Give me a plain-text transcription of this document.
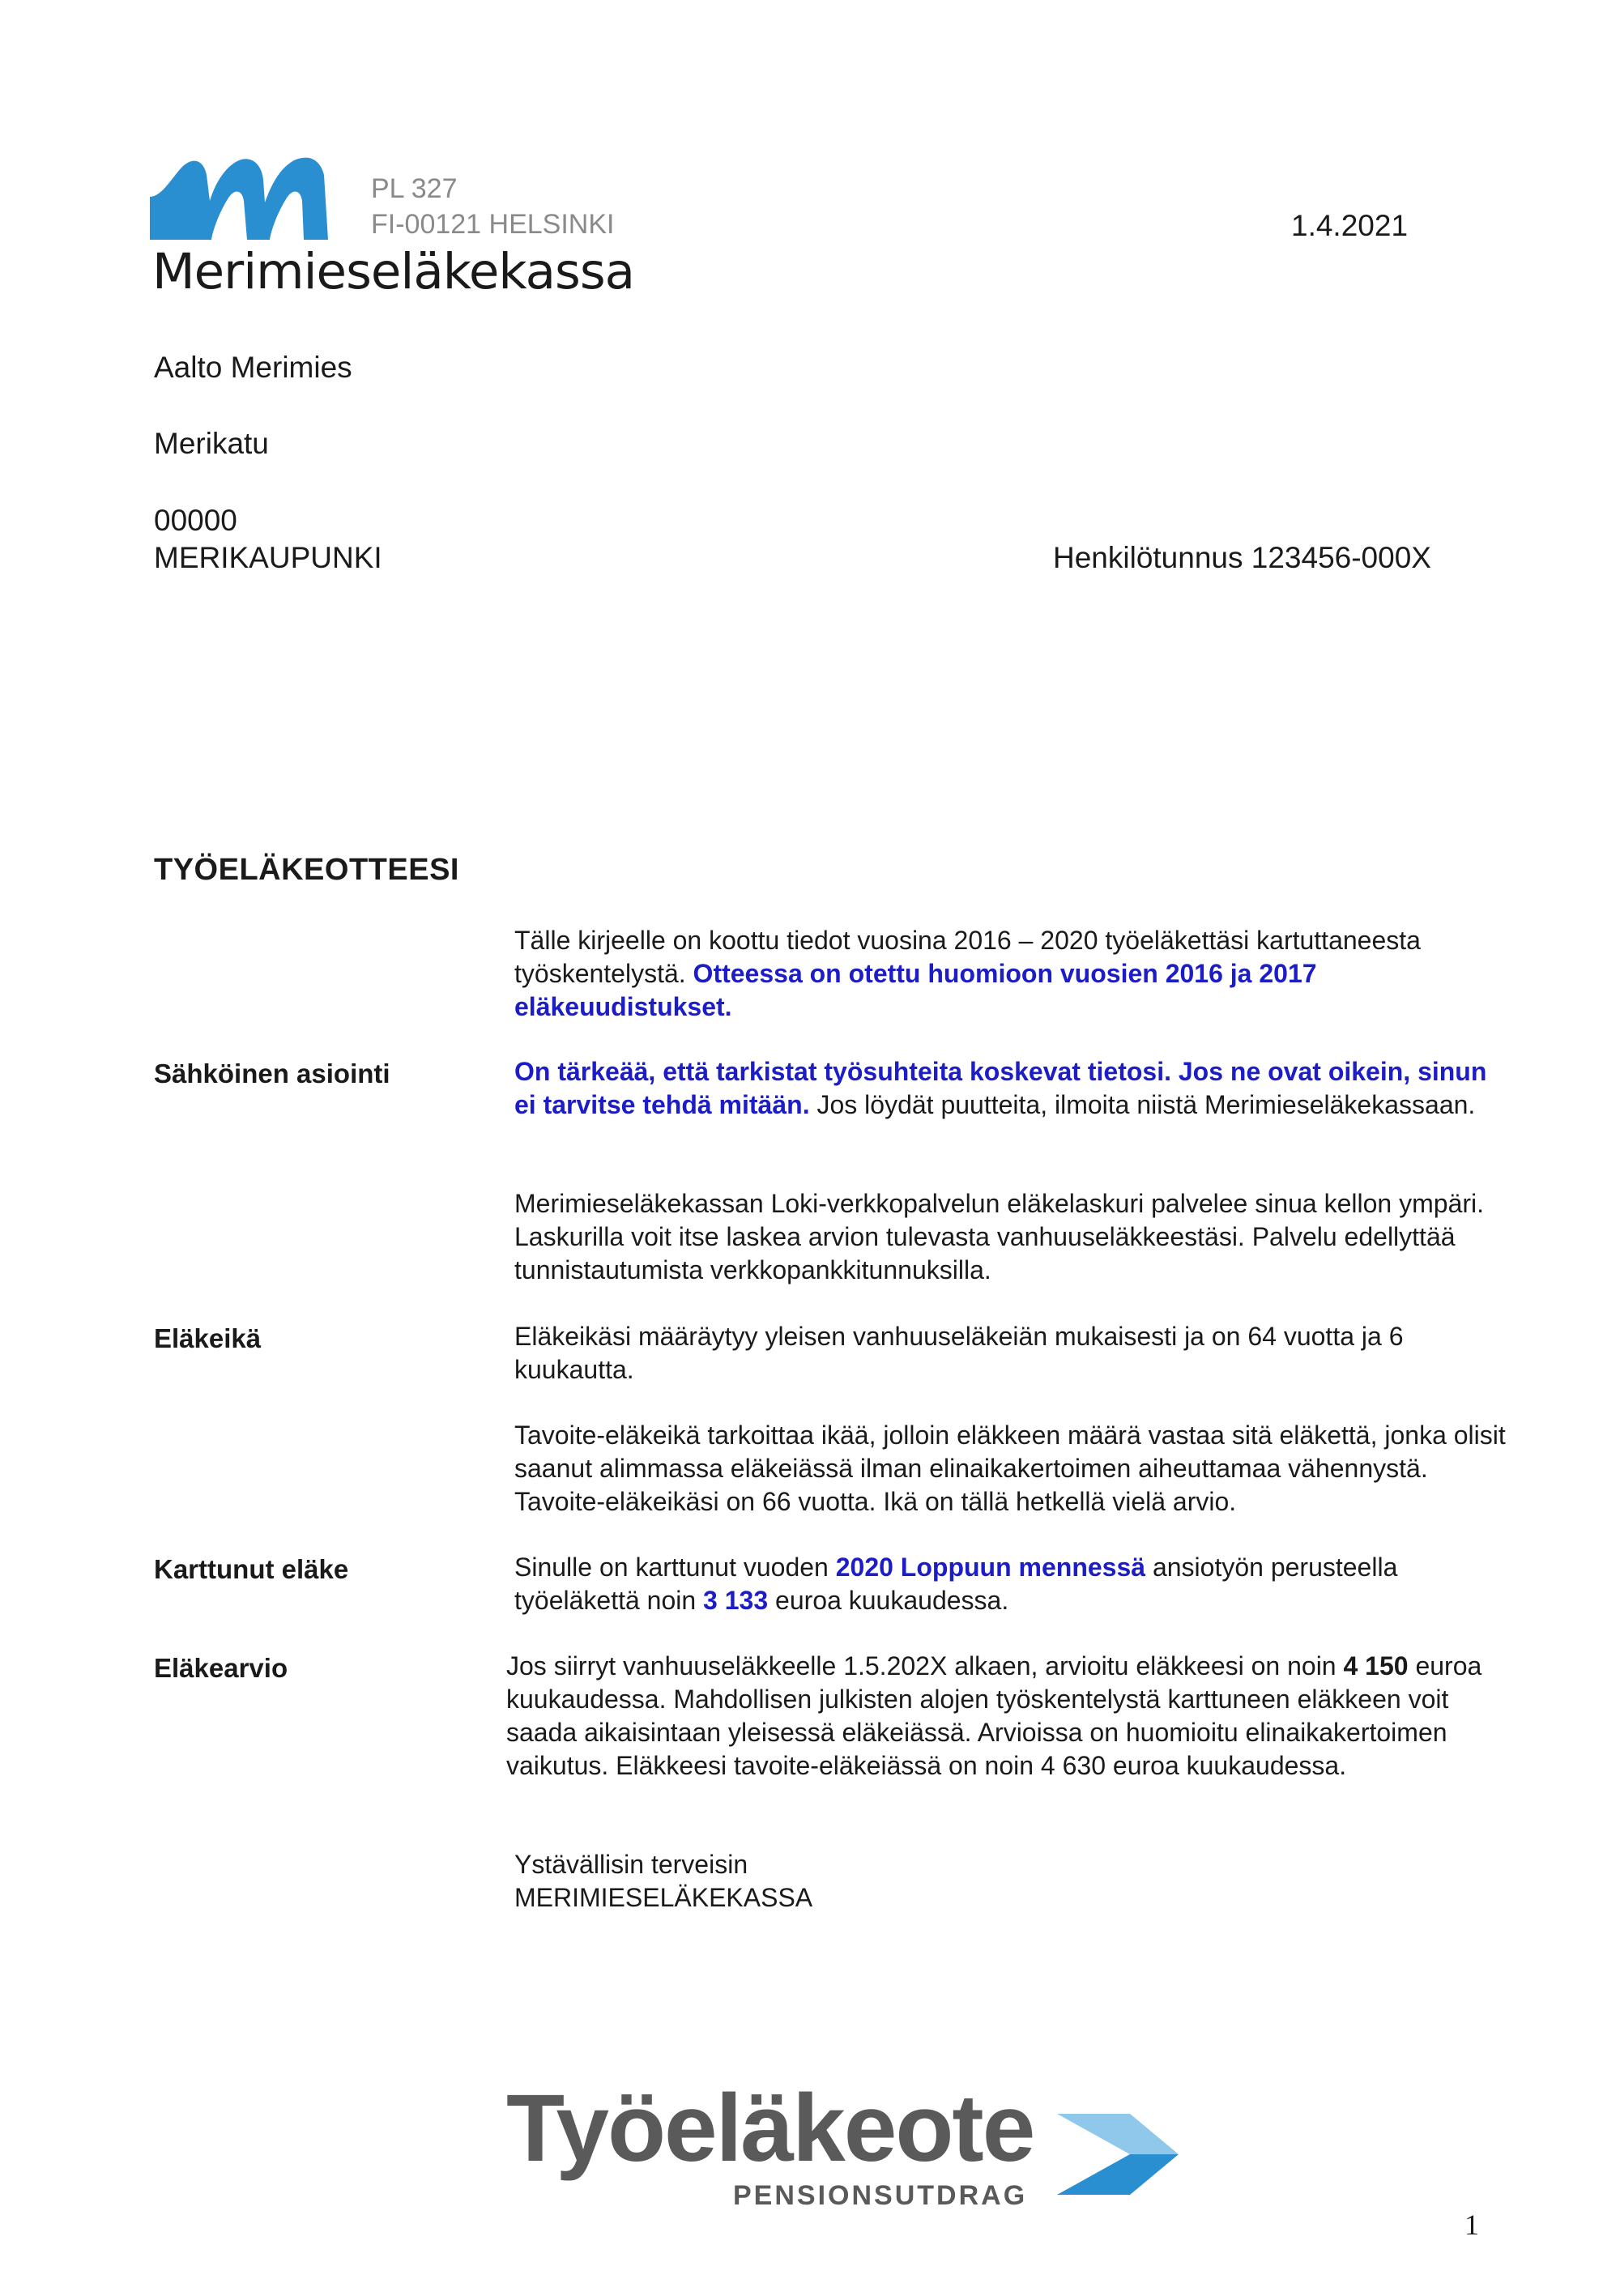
Merimieseläkekassa
PL 327
FI-00121 HELSINKI	1.4.2021
Aalto Merimies
Merikatu
00000
MERIKAUPUNKI	Henkilötunnus 123456-000X
TYÖELÄKEOTTEESI
Tälle kirjeelle on koottu tiedot vuosina 2016 – 2020 työeläkettäsi kartuttaneesta työskentelystä. Otteessa on otettu huomioon vuosien 2016 ja 2017 eläkeuudistukset.
Sähköinen asiointi	On tärkeää, että tarkistat työsuhteita koskevat tietosi. Jos ne ovat oikein, sinun ei tarvitse tehdä mitään. Jos löydät puutteita, ilmoita niistä Merimieseläkekassaan.
Merimieseläkekassan Loki-verkkopalvelun eläkelaskuri palvelee sinua kellon ympäri. Laskurilla voit itse laskea arvion tulevasta vanhuuseläkkeestäsi. Palvelu edellyttää tunnistautumista verkkopankkitunnuksilla.
Eläkeikä	Eläkeikäsi määräytyy yleisen vanhuuseläkeiän mukaisesti ja on 64 vuotta ja 6 kuukautta.
Tavoite-eläkeikä tarkoittaa ikää, jolloin eläkkeen määrä vastaa sitä eläkettä, jonka olisit saanut alimmassa eläkeiässä ilman elinaikakertoimen aiheuttamaa vähennystä. Tavoite-eläkeikäsi on 66 vuotta. Ikä on tällä hetkellä vielä arvio.
Karttunut eläke	Sinulle on karttunut vuoden 2020 Loppuun mennessä ansiotyön perusteella työeläkettä noin 3 133 euroa kuukaudessa.
Eläkearvio	Jos siirryt vanhuuseläkkeelle 1.5.202X alkaen, arvioitu eläkkeesi on noin 4 150 euroa kuukaudessa. Mahdollisen julkisten alojen työskentelystä karttuneen eläkkeen voit saada aikaisintaan yleisessä eläkeiässä. Arvioissa on huomioitu elinaikakertoimen vaikutus. Eläkkeesi tavoite-eläkeiässä on noin 4 630 euroa kuukaudessa.
Ystävällisin terveisin
MERIMIESELÄKEKASSA
Työeläkeote
PENSIONSUTDRAG
1
